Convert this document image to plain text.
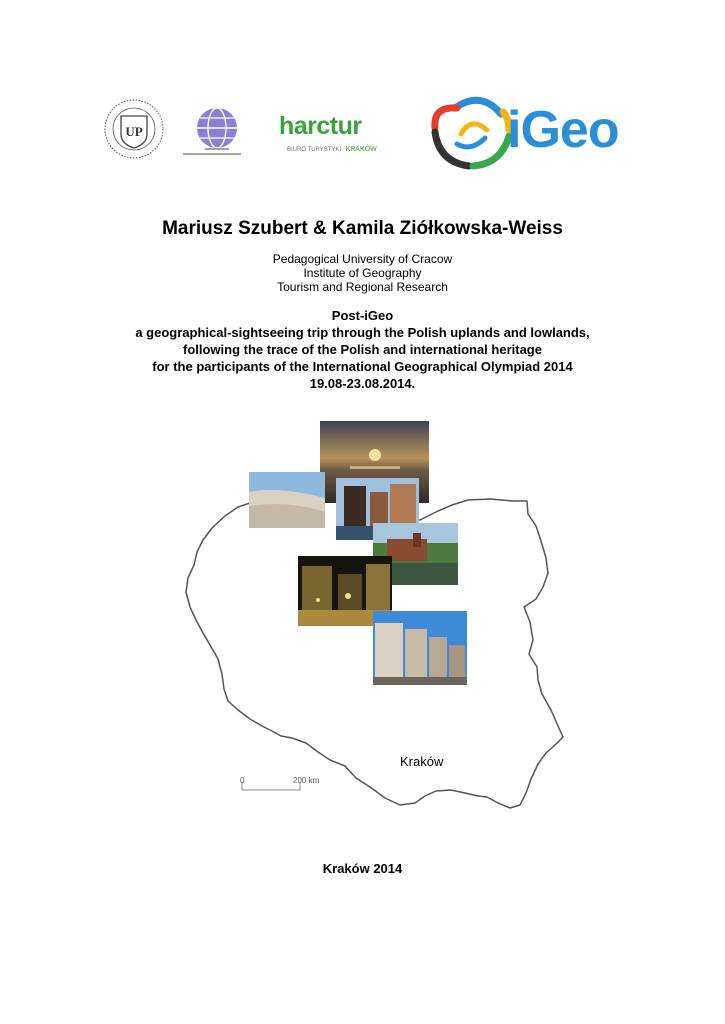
UP	harctur
BIURO TURYSTYKI KRAKÓW	iGeo
Mariusz Szubert & Kamila Ziółkowska-Weiss
Pedagogical University of Cracow
Institute of Geography
Tourism and Regional Research
Post-iGeo
a geographical-sightseeing trip through the Polish uplands and lowlands,
following the trace of the Polish and international heritage
for the participants of the International Geographical Olympiad 2014
19.08-23.08.2014.
0	200 km
Kraków
Kraków 2014
